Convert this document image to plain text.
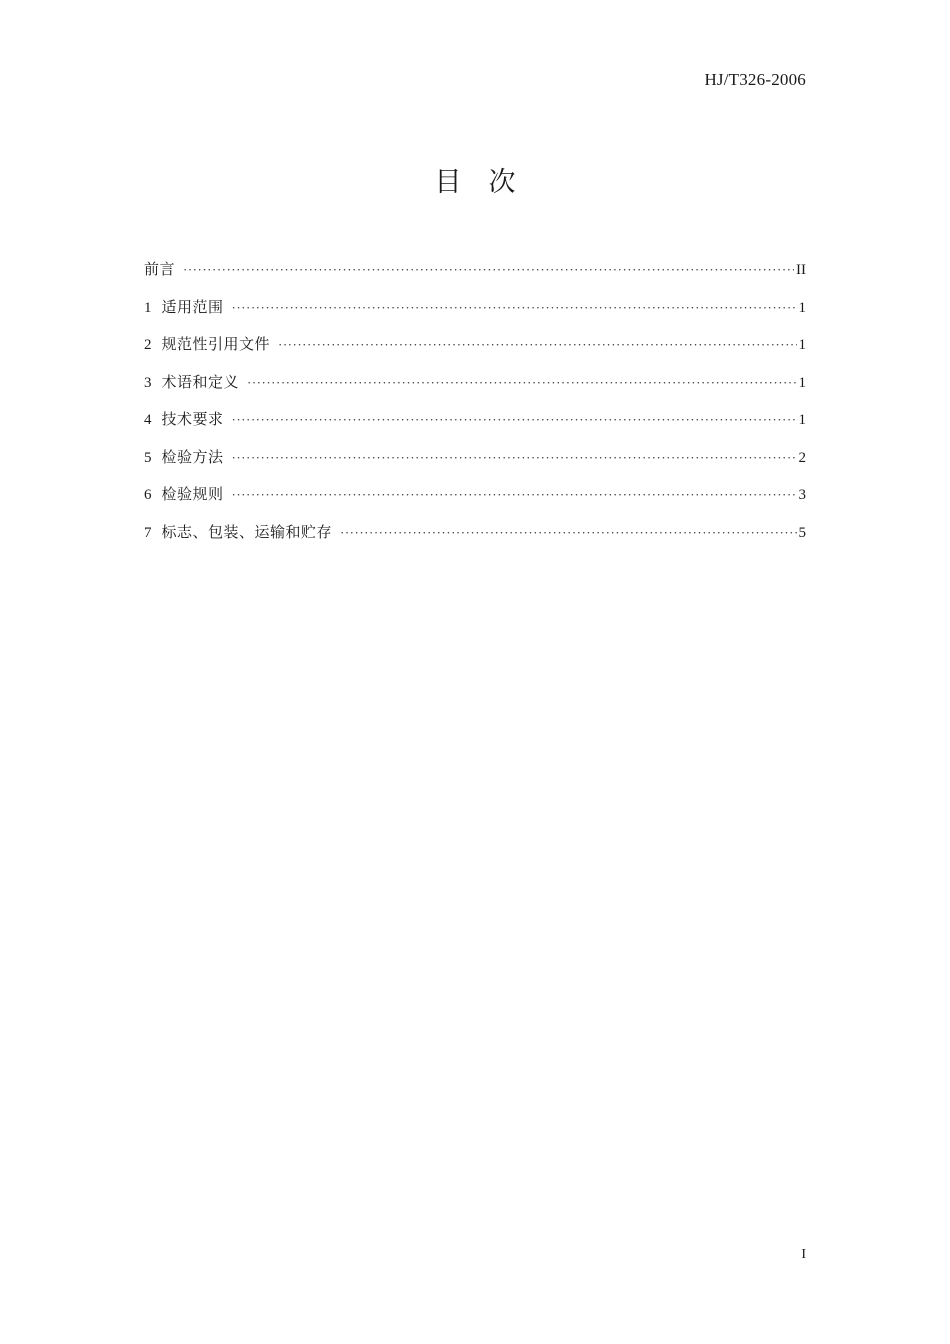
HJ/T326-2006
目　次
前言 ·····	II
1 适用范围 ·····	1
2 规范性引用文件 ·····	1
3 术语和定义 ·····	1
4 技术要求 ·····	1
5 检验方法 ·····	2
6 检验规则 ·····	3
7 标志、包装、运输和贮存 ·····	5
I
